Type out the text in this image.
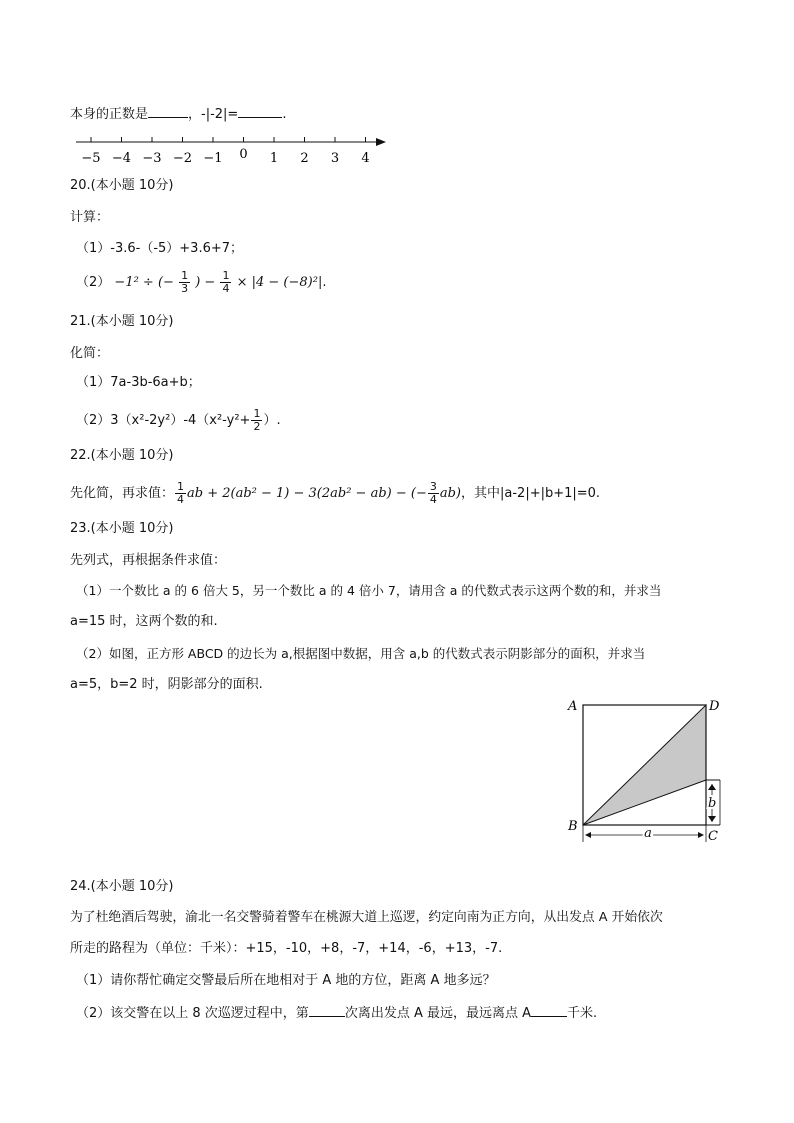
本身的正数是	，-|-2|=	.
−5 −4 −3 −2 −1 0 1 2 3 4
20.(本小题 10分)
计算：
（1）-3.6-（-5）+3.6+7；
（2） −1² ÷ (− $\frac{1}{3}$ ) − $\frac{1}{4} \times |4 - (-8)^2|$.
21.(本小题 10分)
化简：
（1）7a-3b-6a+b；
$(2)3(x^2-2y^2)-4(x^2-y^2+ \frac{1}{2}$ ）.
22.(本小题 10分)
先化简，再求值： $\frac{1}{4}$ ab + 2(ab² − 1) − 3(2ab² − ab) − (− $\frac{3}{4} ab$)，其中|a-2|+|b+1|=0.
23.(本小题 10分)
先列式，再根据条件求值：
（1）一个数比 a 的 6 倍大 5，另一个数比 a 的 4 倍小 7，请用含 a 的代数式表示这两个数的和，并求当
a=15 时，这两个数的和.
（2）如图，正方形 ABCD 的边长为 a,根据图中数据，用含 a,b 的代数式表示阴影部分的面积，并求当
a=5，b=2 时，阴影部分的面积.
A	D
B
C
a
b
24.(本小题 10分)
为了杜绝酒后驾驶，渝北一名交警骑着警车在桃源大道上巡逻，约定向南为正方向，从出发点 A 开始依次
所走的路程为（单位：千米）：+15，-10，+8，-7，+14，-6，+13，-7.
（1）请你帮忙确定交警最后所在地相对于 A 地的方位，距离 A 地多远？
（2）该交警在以上 8 次巡逻过程中，第	次离出发点 A 最远，最远离点 A	千米.
